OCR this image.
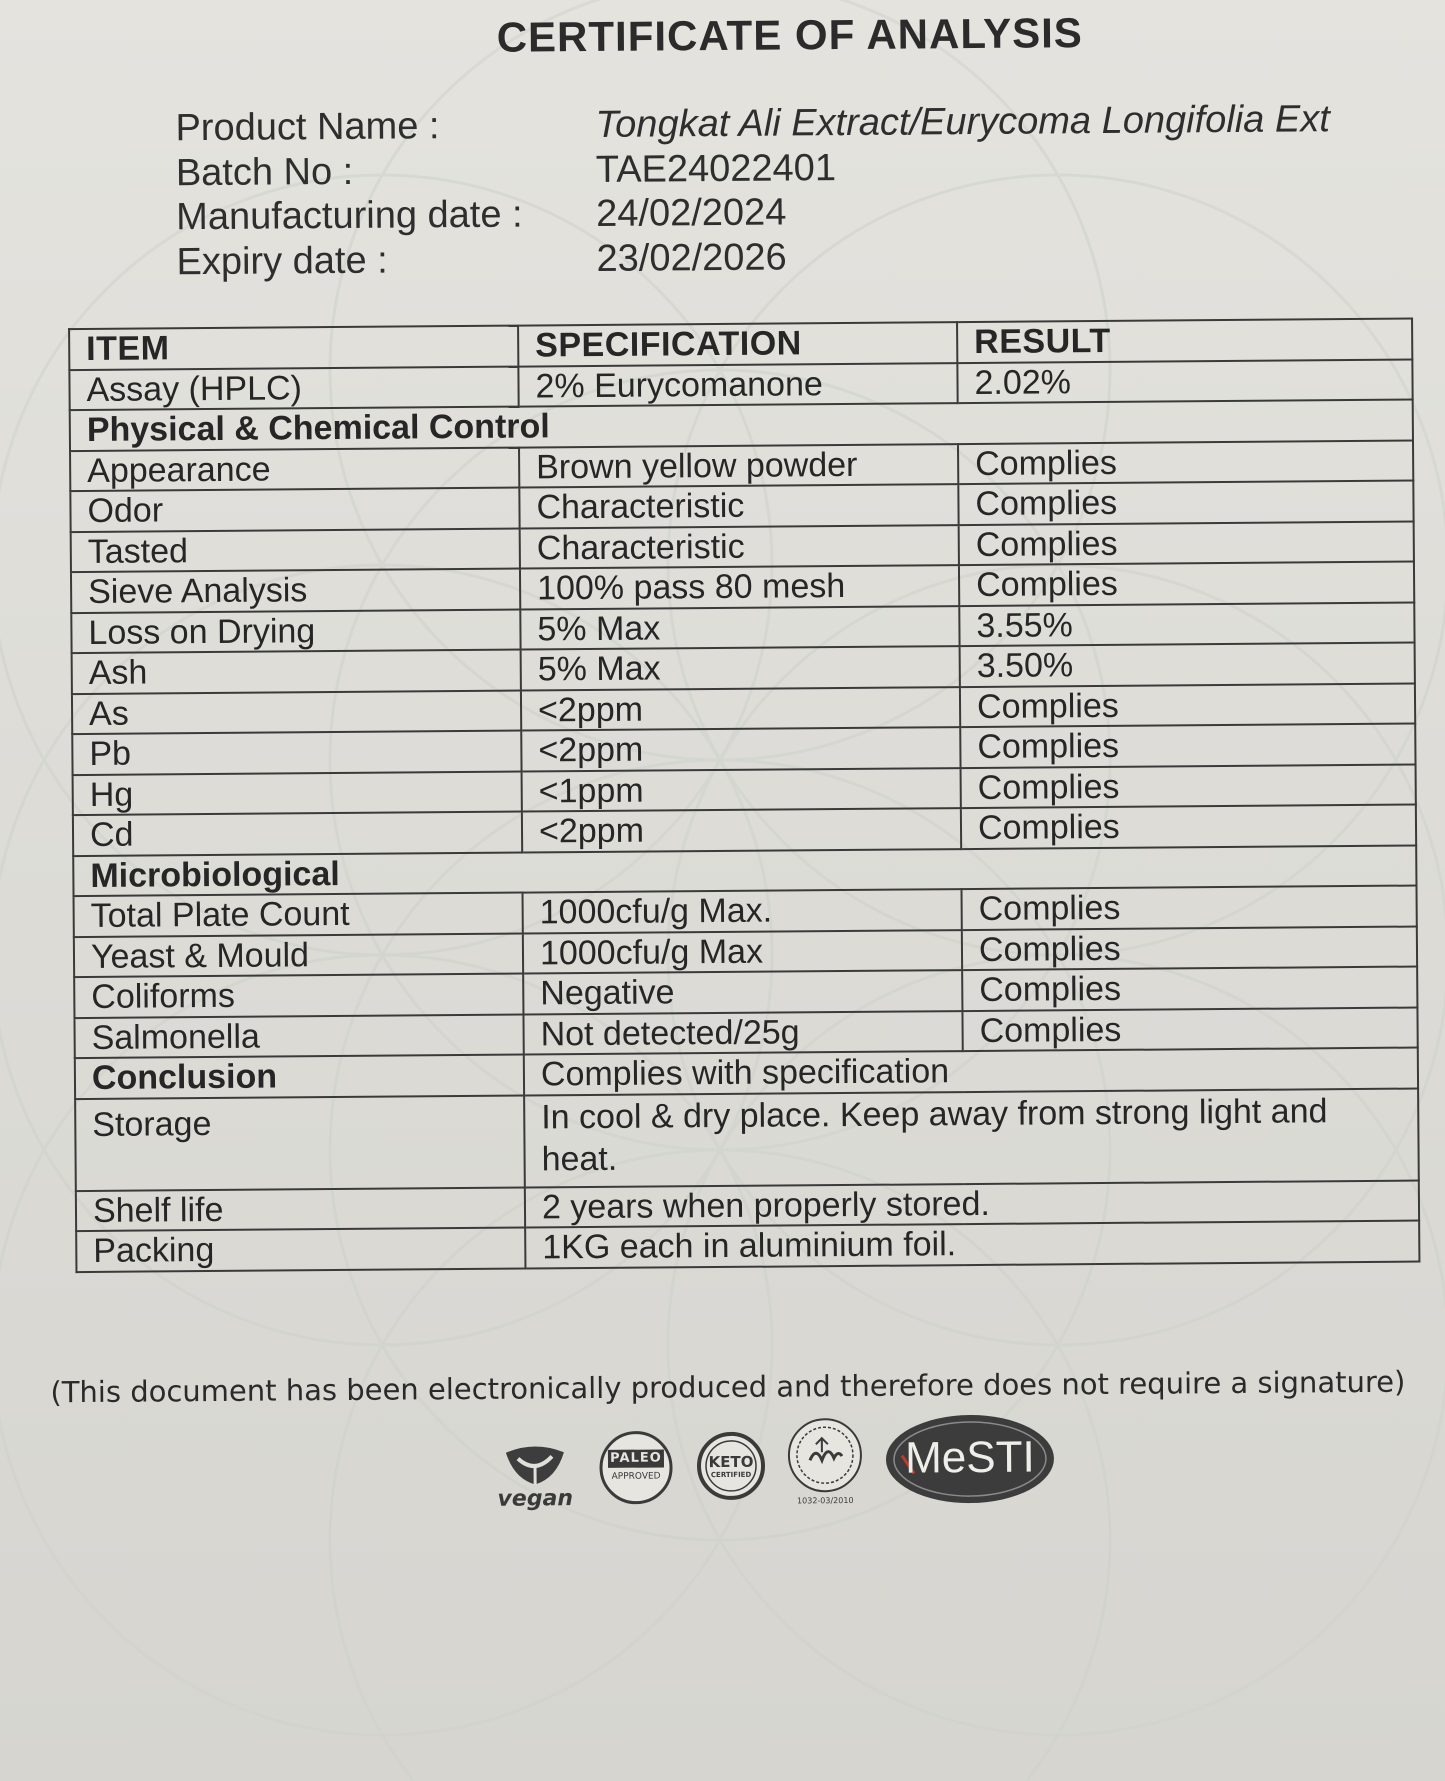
CERTIFICATE OF ANALYSIS
Product Name :	Tongkat Ali Extract/Eurycoma Longifolia Ext
Batch No :	TAE24022401
Manufacturing date :	24/02/2024
Expiry date :	23/02/2026
ITEM	SPECIFICATION	RESULT
Assay (HPLC)	2% Eurycomanone	2.02%
Physical & Chemical Control		
Appearance	Brown yellow powder	Complies
Odor	Characteristic	Complies
Tasted	Characteristic	Complies
Sieve Analysis	100% pass 80 mesh	Complies
Loss on Drying	5% Max	3.55%
Ash	5% Max	3.50%
As	<2ppm	Complies
Pb	<2ppm	Complies
Hg	<1ppm	Complies
Cd	<2ppm	Complies
Microbiological		
Total Plate Count	1000cfu/g Max.	Complies
Yeast & Mould	1000cfu/g Max	Complies
Coliforms	Negative	Complies
Salmonella	Not detected/25g	Complies
Conclusion	Complies with specification	
Storage	In cool & dry place. Keep away from strong light and heat.	
Shelf life	2 years when properly stored.	
Packing	1KG each in aluminium foil.	
(This document has been electronically produced and therefore does not require a signature)
vegan
PALEO
APPROVED
KETO
CERTIFIED
1032-03/2010
MeSTI
